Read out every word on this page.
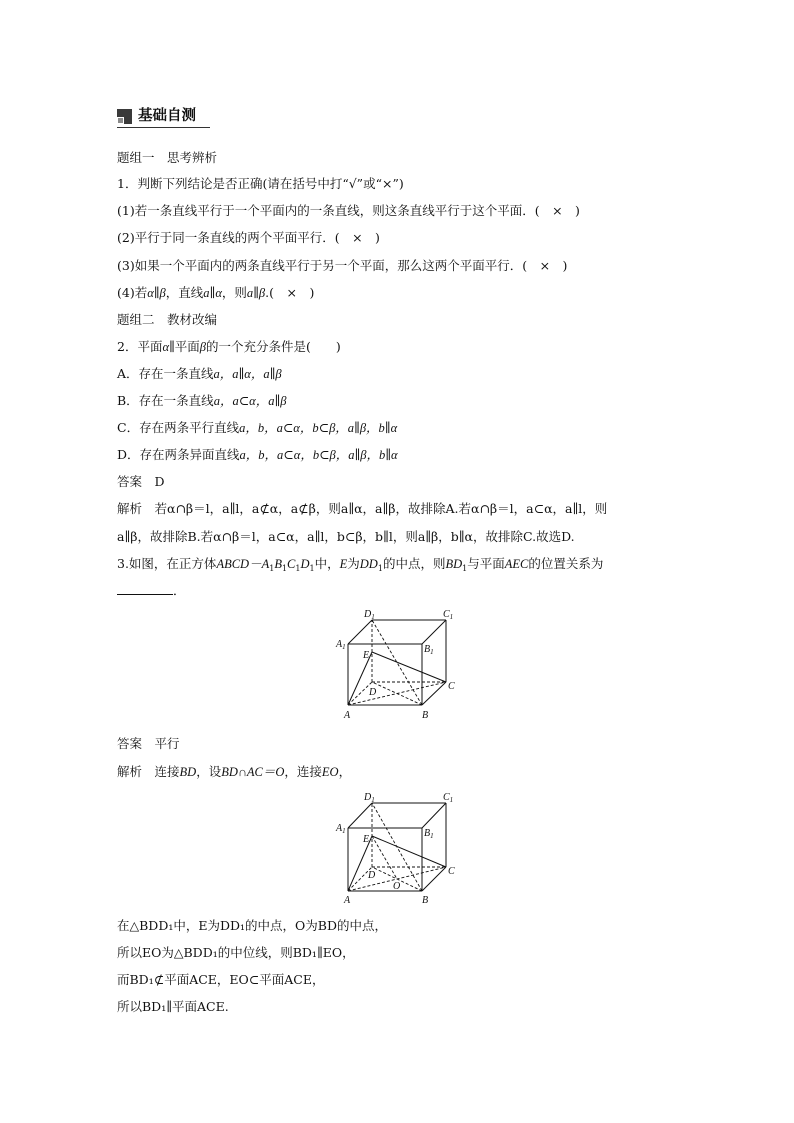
基础自测
题组一　思考辨析
1．判断下列结论是否正确(请在括号中打“√”或“×”)
(1)若一条直线平行于一个平面内的一条直线，则这条直线平行于这个平面．(　×　)
(2)平行于同一条直线的两个平面平行．(　×　)
(3)如果一个平面内的两条直线平行于另一个平面，那么这两个平面平行．(　×　)
(4)若α∥β，直线a∥α，则a∥β.(　×　)
题组二　教材改编
2．平面α∥平面β的一个充分条件是(　　)
A．存在一条直线a，a∥α，a∥β
B．存在一条直线a，a⊂α，a∥β
C．存在两条平行直线a，b，a⊂α，b⊂β，a∥β，b∥α
D．存在两条异面直线a，b，a⊂α，b⊂β，a∥β，b∥α
答案　D
解析　若α∩β＝l，a∥l，a⊄α，a⊄β，则a∥α，a∥β，故排除A.若α∩β＝l，a⊂α，a∥l，则
a∥β，故排除B.若α∩β＝l，a⊂α，a∥l，b⊂β，b∥l，则a∥β，b∥α，故排除C.故选D.
3.如图，在正方体$ABCD-A_1B_1C_1D_1$中，E为$DD_1$的中点，则$BD_1$与平面AEC的位置关系为
．
$D_1$	$C_1$
$A_1$	$B_1$
E
D
C
A	B
答案　平行
解析　连接BD，设BD∩AC＝O，连接EO，
$D_1$	$C_1$
$A_1$	$B_1$
E
D	C
O
A	B
在△BDD₁中，E为DD₁的中点，O为BD的中点，
所以EO为△BDD₁的中位线，则BD₁∥EO，
而BD₁⊄平面ACE，EO⊂平面ACE，
所以BD₁∥平面ACE.
